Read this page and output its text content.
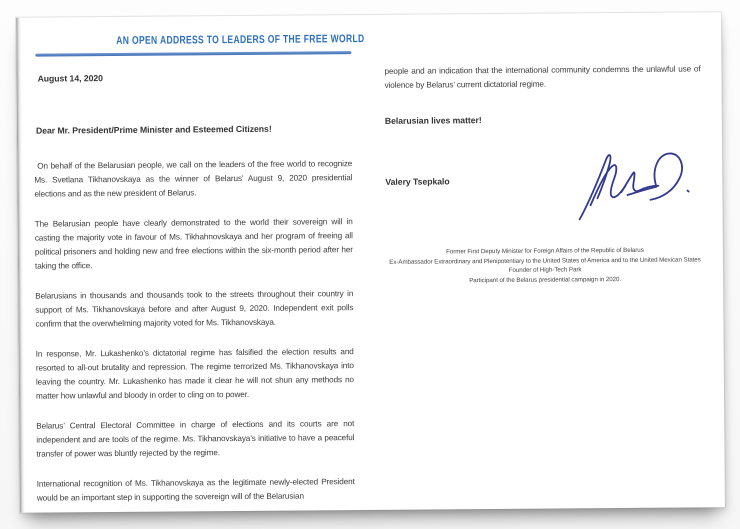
AN OPEN ADDRESS TO LEADERS OF THE FREE WORLD
August 14, 2020
Dear Mr. President/Prime Minister and Esteemed Citizens!

On behalf of the Belarusian people, we call on the leaders of the free world to recognize Ms. Svetlana Tikhanovskaya as the winner of Belarus’ August 9, 2020 presidential elections and as the new president of Belarus.

The Belarusian people have clearly demonstrated to the world their sovereign will in casting the majority vote in favour of Ms. Tikhahnovskaya and her program of freeing all political prisoners and holding new and free elections within the six-month period after her taking the office.

Belarusians in thousands and thousands took to the streets throughout their country in support of Ms. Tikhanovskaya before and after August 9, 2020. Independent exit polls confirm that the overwhelming majority voted for Ms. Tikhanovskaya.

In response, Mr. Lukashenko’s dictatorial regime has falsified the election results and resorted to all-out brutality and repression. The regime terrorized Ms. Tikhanovskaya into leaving the country. Mr. Lukashenko has made it clear he will not shun any methods no matter how unlawful and bloody in order to cling on to power.

Belarus’ Central Electoral Committee in charge of elections and its courts are not independent and are tools of the regime. Ms. Tikhanovskaya’s initiative to have a peaceful transfer of power was bluntly rejected by the regime.

International recognition of Ms. Tikhanovskaya as the legitimate newly-elected President would be an important step in supporting the sovereign will of the Belarusian

people and an indication that the international community condemns the unlawful use of violence by Belarus’ current dictatorial regime.

Belarusian lives matter!
Valery Tsepkalo
Former First Deputy Minister for Foreign Affairs of the Republic of Belarus
Ex-Ambassador Extraordinary and Plenipotentiary to the United States of America and to the United Mexican States
Founder of High-Tech Park
Participant of the Belarus presidential campaign in 2020.
